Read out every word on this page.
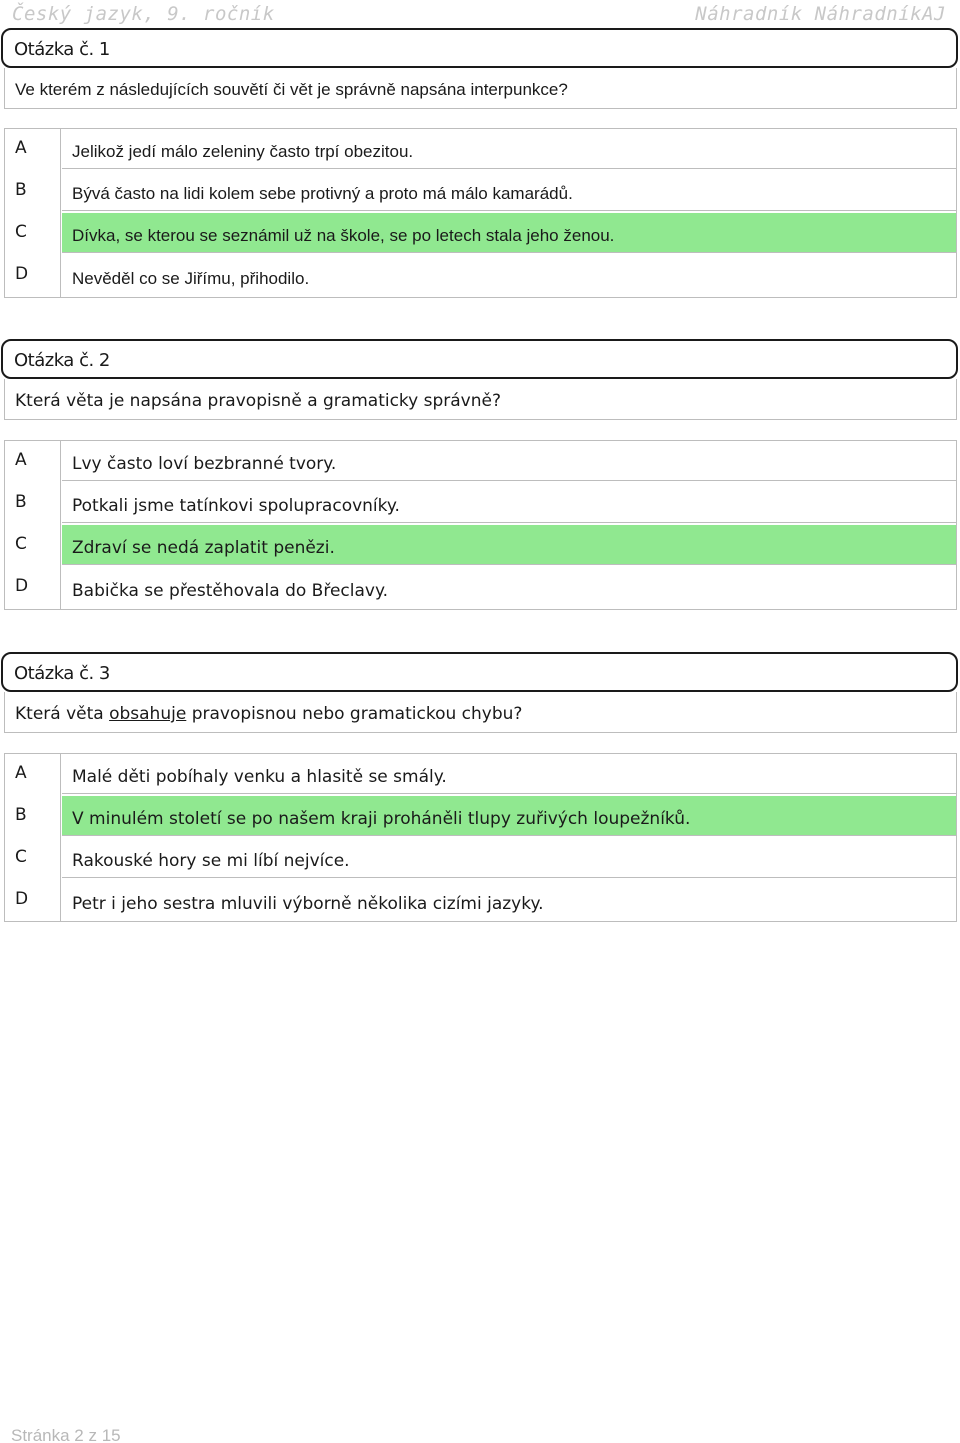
Český jazyk, 9. ročník	Náhradník NáhradníkAJ
Otázka č. 1
Ve kterém z následujících souvětí či vět je správně napsána interpunkce?
A
B
C
D
Jelikož jedí málo zeleniny často trpí obezitou.
Bývá často na lidi kolem sebe protivný a proto má málo kamarádů.
Dívka, se kterou se seznámil už na škole, se po letech stala jeho ženou.
Nevěděl co se Jiřímu, přihodilo.
Otázka č. 2
Která věta je napsána pravopisně a gramaticky správně?
A
B
C
D
Lvy často loví bezbranné tvory.
Potkali jsme tatínkovi spolupracovníky.
Zdraví se nedá zaplatit penězi.
Babička se přestěhovala do Břeclavy.
Otázka č. 3
Která věta obsahuje pravopisnou nebo gramatickou chybu?
A
B
C
D
Malé děti pobíhaly venku a hlasitě se smály.
V minulém století se po našem kraji proháněli tlupy zuřivých loupežníků.
Rakouské hory se mi líbí nejvíce.
Petr i jeho sestra mluvili výborně několika cizími jazyky.
Stránka 2 z 15
